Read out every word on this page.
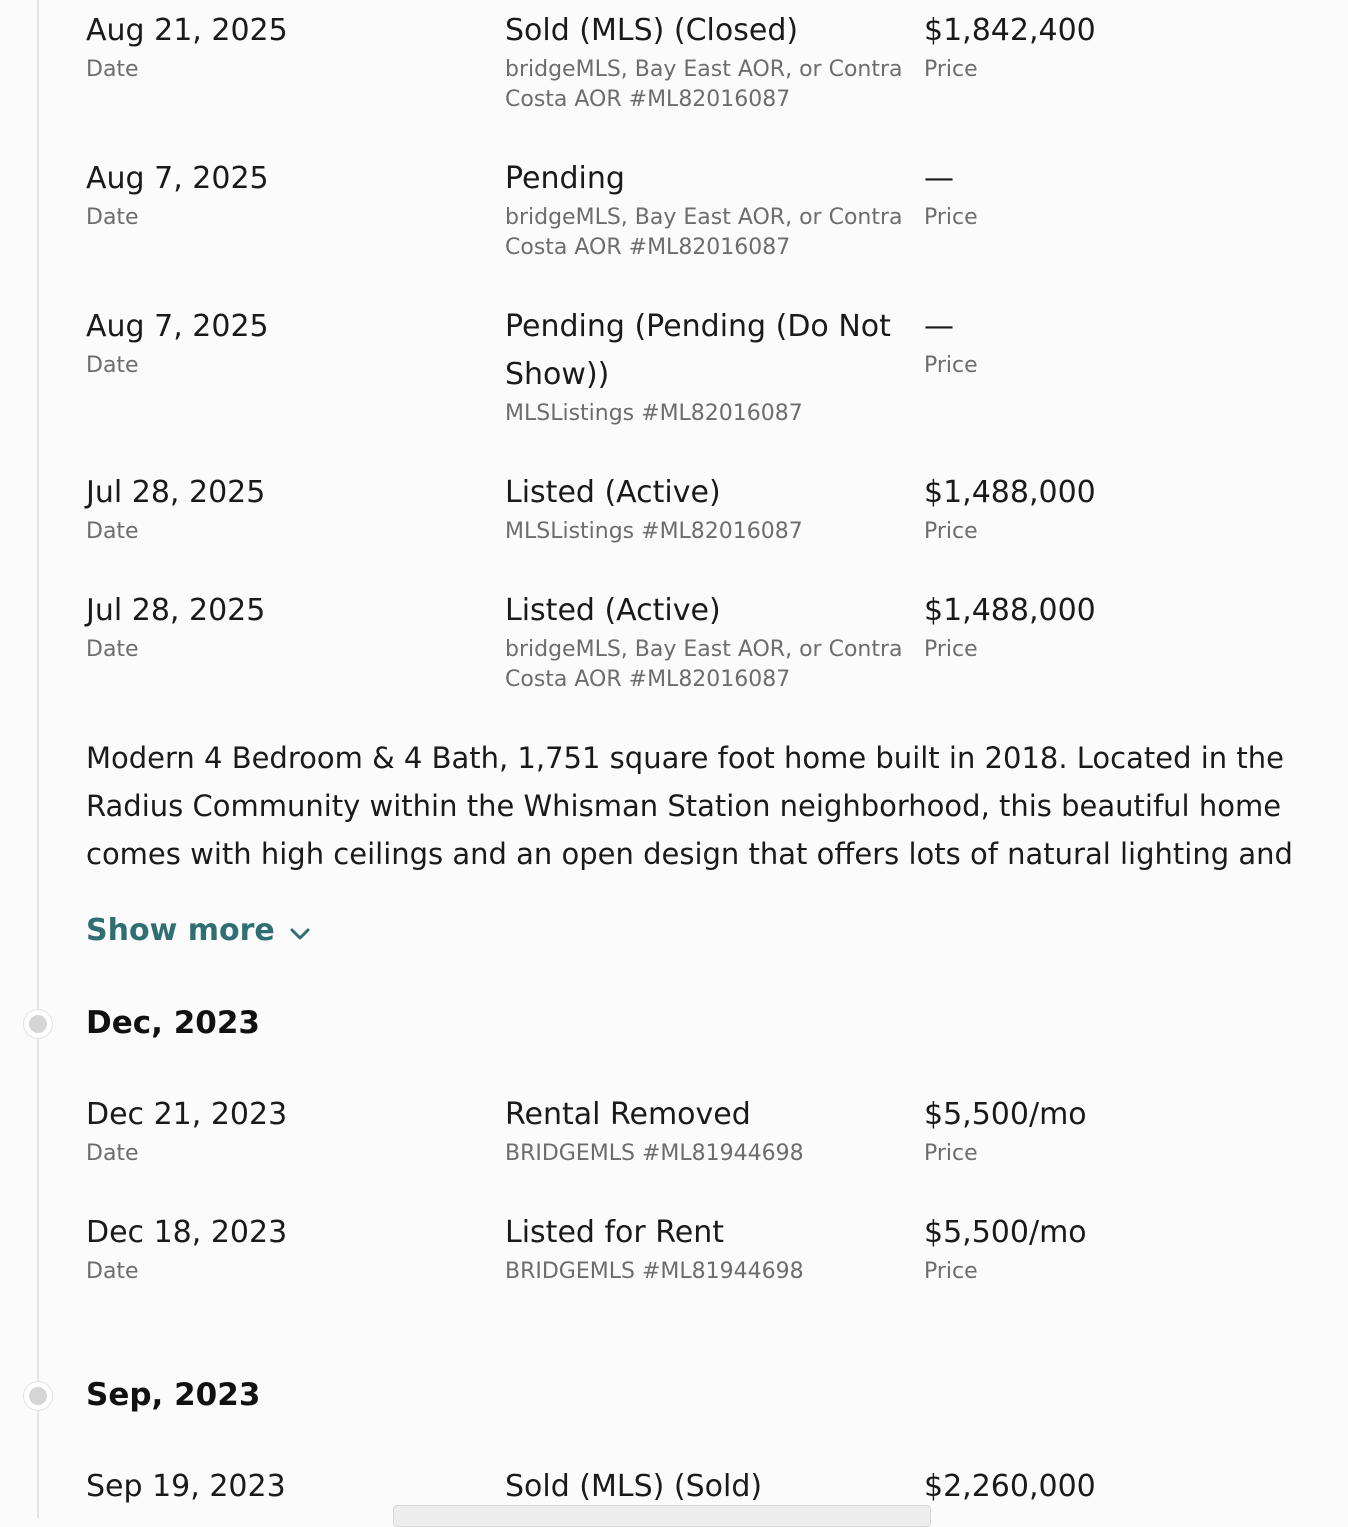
Aug 21, 2025
Date
Sold (MLS) (Closed)
bridgeMLS, Bay East AOR, or Contra Costa AOR #ML82016087
$1,842,400
Price
Aug 7, 2025
Date
Pending
bridgeMLS, Bay East AOR, or Contra Costa AOR #ML82016087
—
Price
Aug 7, 2025
Date
Pending (Pending (Do Not Show))
MLSListings #ML82016087
—
Price
Jul 28, 2025
Date
Listed (Active)
MLSListings #ML82016087
$1,488,000
Price
Jul 28, 2025
Date
Listed (Active)
bridgeMLS, Bay East AOR, or Contra Costa AOR #ML82016087
$1,488,000
Price
Modern 4 Bedroom & 4 Bath, 1,751 square foot home built in 2018. Located in the
Radius Community within the Whisman Station neighborhood, this beautiful home
comes with high ceilings and an open design that offers lots of natural lighting and
Show more
Dec, 2023
Dec 21, 2023
Date
Rental Removed
BRIDGEMLS #ML81944698
$5,500/mo
Price
Dec 18, 2023
Date
Listed for Rent
BRIDGEMLS #ML81944698
$5,500/mo
Price
Sep, 2023
Sep 19, 2023	Sold (MLS) (Sold)	$2,260,000
